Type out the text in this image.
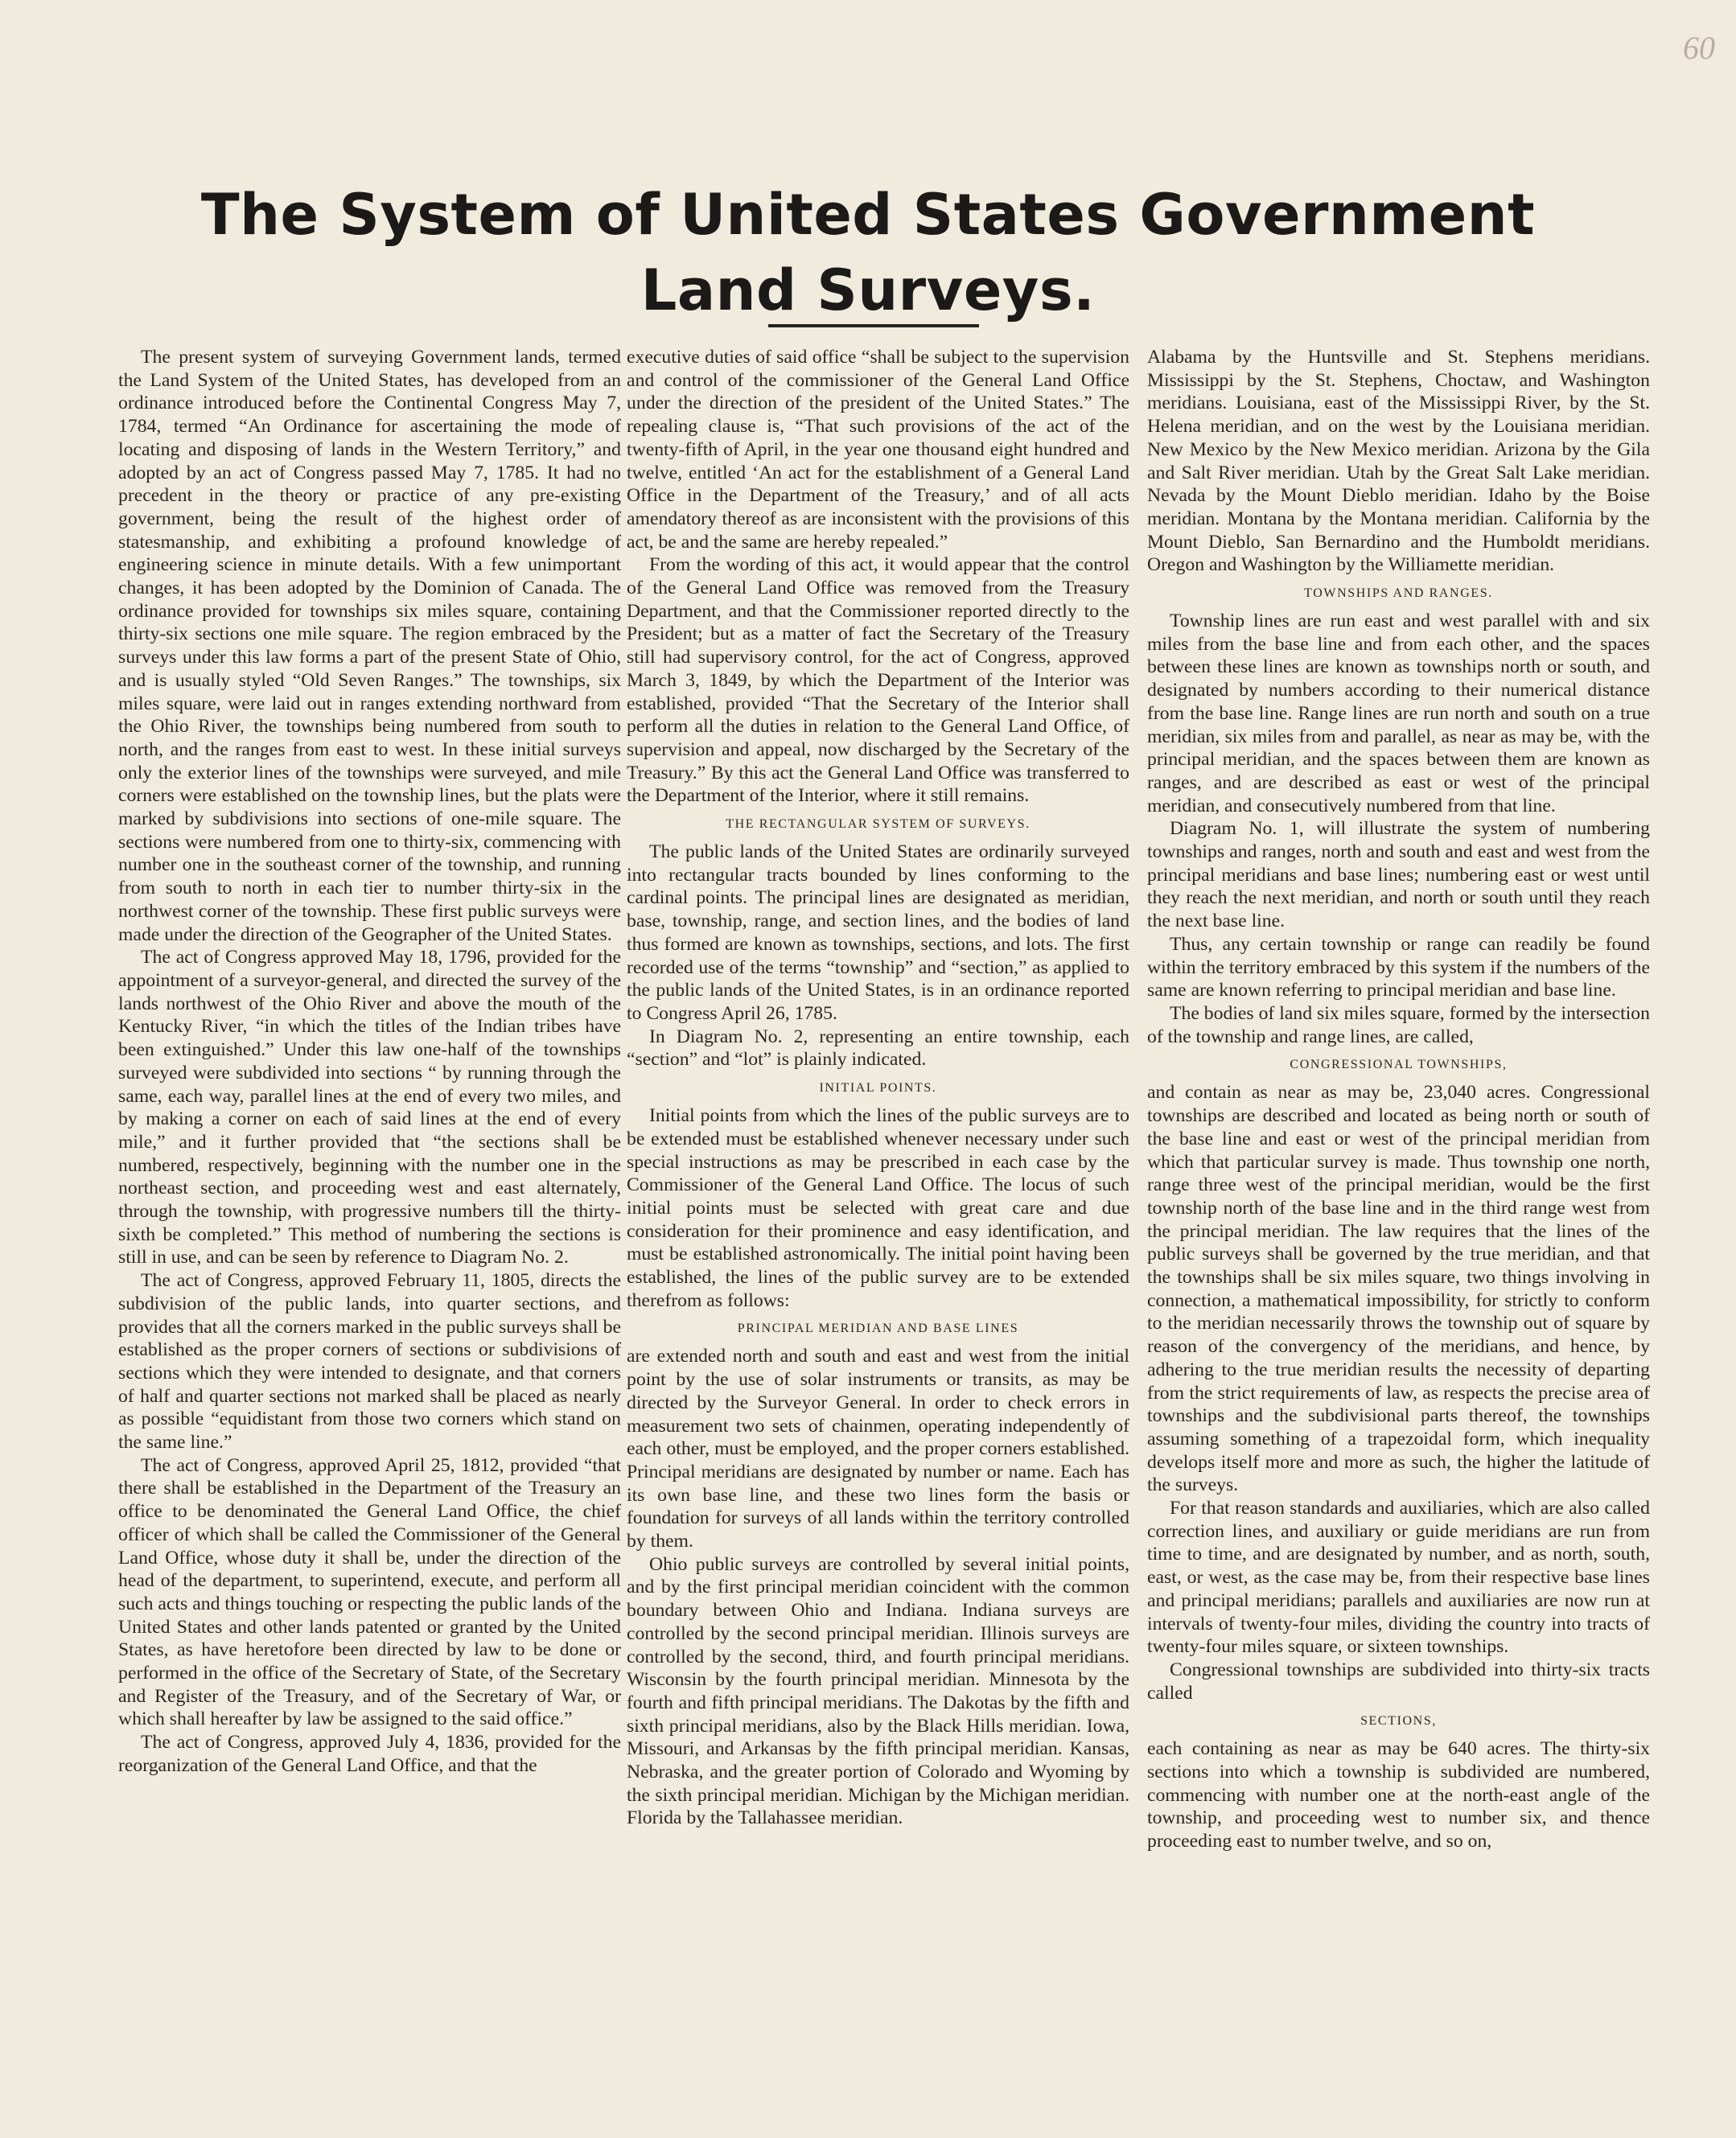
60
The System of United States Government
Land Surveys.

The present system of surveying Government lands, termed the Land System of the United States, has developed from an ordinance introduced before the Continental Congress May 7, 1784, termed “An Ordinance for ascertaining the mode of locating and disposing of lands in the Western Territory,” and adopted by an act of Congress passed May 7, 1785. It had no precedent in the theory or practice of any pre-existing government, being the result of the highest order of statesmanship, and exhibiting a profound knowledge of engineering science in minute details. With a few unimportant changes, it has been adopted by the Dominion of Canada. The ordinance provided for townships six miles square, containing thirty-six sections one mile square. The region embraced by the surveys under this law forms a part of the present State of Ohio, and is usually styled “Old Seven Ranges.” The townships, six miles square, were laid out in ranges extending northward from the Ohio River, the townships being numbered from south to north, and the ranges from east to west. In these initial surveys only the exterior lines of the townships were surveyed, and mile corners were established on the township lines, but the plats were marked by subdivisions into sections of one-mile square. The sections were numbered from one to thirty-six, commencing with number one in the southeast corner of the township, and running from south to north in each tier to number thirty-six in the northwest corner of the township. These first public surveys were made under the direction of the Geographer of the United States.

The act of Congress approved May 18, 1796, provided for the appointment of a surveyor-general, and directed the survey of the lands northwest of the Ohio River and above the mouth of the Kentucky River, “in which the titles of the Indian tribes have been extinguished.” Under this law one-half of the townships surveyed were subdivided into sections “ by running through the same, each way, parallel lines at the end of every two miles, and by making a corner on each of said lines at the end of every mile,” and it further provided that “the sections shall be numbered, respectively, beginning with the number one in the northeast section, and proceeding west and east alternately, through the township, with progressive numbers till the thirty-sixth be completed.” This method of numbering the sections is still in use, and can be seen by reference to Diagram No. 2.

The act of Congress, approved February 11, 1805, directs the subdivision of the public lands, into quarter sections, and provides that all the corners marked in the public surveys shall be established as the proper corners of sections or subdivisions of sections which they were intended to designate, and that corners of half and quarter sections not marked shall be placed as nearly as possible “equidistant from those two corners which stand on the same line.”

The act of Congress, approved April 25, 1812, provided “that there shall be established in the Department of the Treasury an office to be denominated the General Land Office, the chief officer of which shall be called the Commissioner of the General Land Office, whose duty it shall be, under the direction of the head of the department, to superintend, execute, and perform all such acts and things touching or respecting the public lands of the United States and other lands patented or granted by the United States, as have heretofore been directed by law to be done or performed in the office of the Secretary of State, of the Secretary and Register of the Treasury, and of the Secretary of War, or which shall hereafter by law be assigned to the said office.”

The act of Congress, approved July 4, 1836, provided for the reorganization of the General Land Office, and that the

executive duties of said office “shall be subject to the supervision and control of the commissioner of the General Land Office under the direction of the president of the United States.” The repealing clause is, “That such provisions of the act of the twenty-fifth of April, in the year one thousand eight hundred and twelve, entitled ‘An act for the establishment of a General Land Office in the Department of the Treasury,’ and of all acts amendatory thereof as are inconsistent with the provisions of this act, be and the same are hereby repealed.”

From the wording of this act, it would appear that the control of the General Land Office was removed from the Treasury Department, and that the Commissioner reported directly to the President; but as a matter of fact the Secretary of the Treasury still had supervisory control, for the act of Congress, approved March 3, 1849, by which the Department of the Interior was established, provided “That the Secretary of the Interior shall perform all the duties in relation to the General Land Office, of supervision and appeal, now discharged by the Secretary of the Treasury.” By this act the General Land Office was transferred to the Department of the Interior, where it still remains.

THE RECTANGULAR SYSTEM OF SURVEYS.

The public lands of the United States are ordinarily surveyed into rectangular tracts bounded by lines conforming to the cardinal points. The principal lines are designated as meridian, base, township, range, and section lines, and the bodies of land thus formed are known as townships, sections, and lots. The first recorded use of the terms “township” and “section,” as applied to the public lands of the United States, is in an ordinance reported to Congress April 26, 1785.

In Diagram No. 2, representing an entire township, each “section” and “lot” is plainly indicated.

INITIAL POINTS.

Initial points from which the lines of the public surveys are to be extended must be established whenever necessary under such special instructions as may be prescribed in each case by the Commissioner of the General Land Office. The locus of such initial points must be selected with great care and due consideration for their prominence and easy identification, and must be established astronomically. The initial point having been established, the lines of the public survey are to be extended therefrom as follows:

PRINCIPAL MERIDIAN AND BASE LINES

are extended north and south and east and west from the initial point by the use of solar instruments or transits, as may be directed by the Surveyor General. In order to check errors in measurement two sets of chainmen, operating independently of each other, must be employed, and the proper corners established. Principal meridians are designated by number or name. Each has its own base line, and these two lines form the basis or foundation for surveys of all lands within the territory controlled by them.

Ohio public surveys are controlled by several initial points, and by the first principal meridian coincident with the common boundary between Ohio and Indiana. Indiana surveys are controlled by the second principal meridian. Illinois surveys are controlled by the second, third, and fourth principal meridians. Wisconsin by the fourth principal meridian. Minnesota by the fourth and fifth principal meridians. The Dakotas by the fifth and sixth principal meridians, also by the Black Hills meridian. Iowa, Missouri, and Arkansas by the fifth principal meridian. Kansas, Nebraska, and the greater portion of Colorado and Wyoming by the sixth principal meridian. Michigan by the Michigan meridian. Florida by the Tallahassee meridian.

Alabama by the Huntsville and St. Stephens meridians. Mississippi by the St. Stephens, Choctaw, and Washington meridians. Louisiana, east of the Mississippi River, by the St. Helena meridian, and on the west by the Louisiana meridian. New Mexico by the New Mexico meridian. Arizona by the Gila and Salt River meridian. Utah by the Great Salt Lake meridian. Nevada by the Mount Dieblo meridian. Idaho by the Boise meridian. Montana by the Montana meridian. California by the Mount Dieblo, San Bernardino and the Humboldt meridians. Oregon and Washington by the Williamette meridian.

TOWNSHIPS AND RANGES.

Township lines are run east and west parallel with and six miles from the base line and from each other, and the spaces between these lines are known as townships north or south, and designated by numbers according to their numerical distance from the base line. Range lines are run north and south on a true meridian, six miles from and parallel, as near as may be, with the principal meridian, and the spaces between them are known as ranges, and are described as east or west of the principal meridian, and consecutively numbered from that line.

Diagram No. 1, will illustrate the system of numbering townships and ranges, north and south and east and west from the principal meridians and base lines; numbering east or west until they reach the next meridian, and north or south until they reach the next base line.

Thus, any certain township or range can readily be found within the territory embraced by this system if the numbers of the same are known referring to principal meridian and base line.

The bodies of land six miles square, formed by the intersection of the township and range lines, are called,

CONGRESSIONAL TOWNSHIPS,

and contain as near as may be, 23,040 acres. Congressional townships are described and located as being north or south of the base line and east or west of the principal meridian from which that particular survey is made. Thus township one north, range three west of the principal meridian, would be the first township north of the base line and in the third range west from the principal meridian. The law requires that the lines of the public surveys shall be governed by the true meridian, and that the townships shall be six miles square, two things involving in connection, a mathematical impossibility, for strictly to conform to the meridian necessarily throws the township out of square by reason of the convergency of the meridians, and hence, by adhering to the true meridian results the necessity of departing from the strict requirements of law, as respects the precise area of townships and the subdivisional parts thereof, the townships assuming something of a trapezoidal form, which inequality develops itself more and more as such, the higher the latitude of the surveys.

For that reason standards and auxiliaries, which are also called correction lines, and auxiliary or guide meridians are run from time to time, and are designated by number, and as north, south, east, or west, as the case may be, from their respective base lines and principal meridians; parallels and auxiliaries are now run at intervals of twenty-four miles, dividing the country into tracts of twenty-four miles square, or sixteen townships.

Congressional townships are subdivided into thirty-six tracts called

SECTIONS,

each containing as near as may be 640 acres. The thirty-six sections into which a township is subdivided are numbered, commencing with number one at the north-east angle of the township, and proceeding west to number six, and thence proceeding east to number twelve, and so on,
